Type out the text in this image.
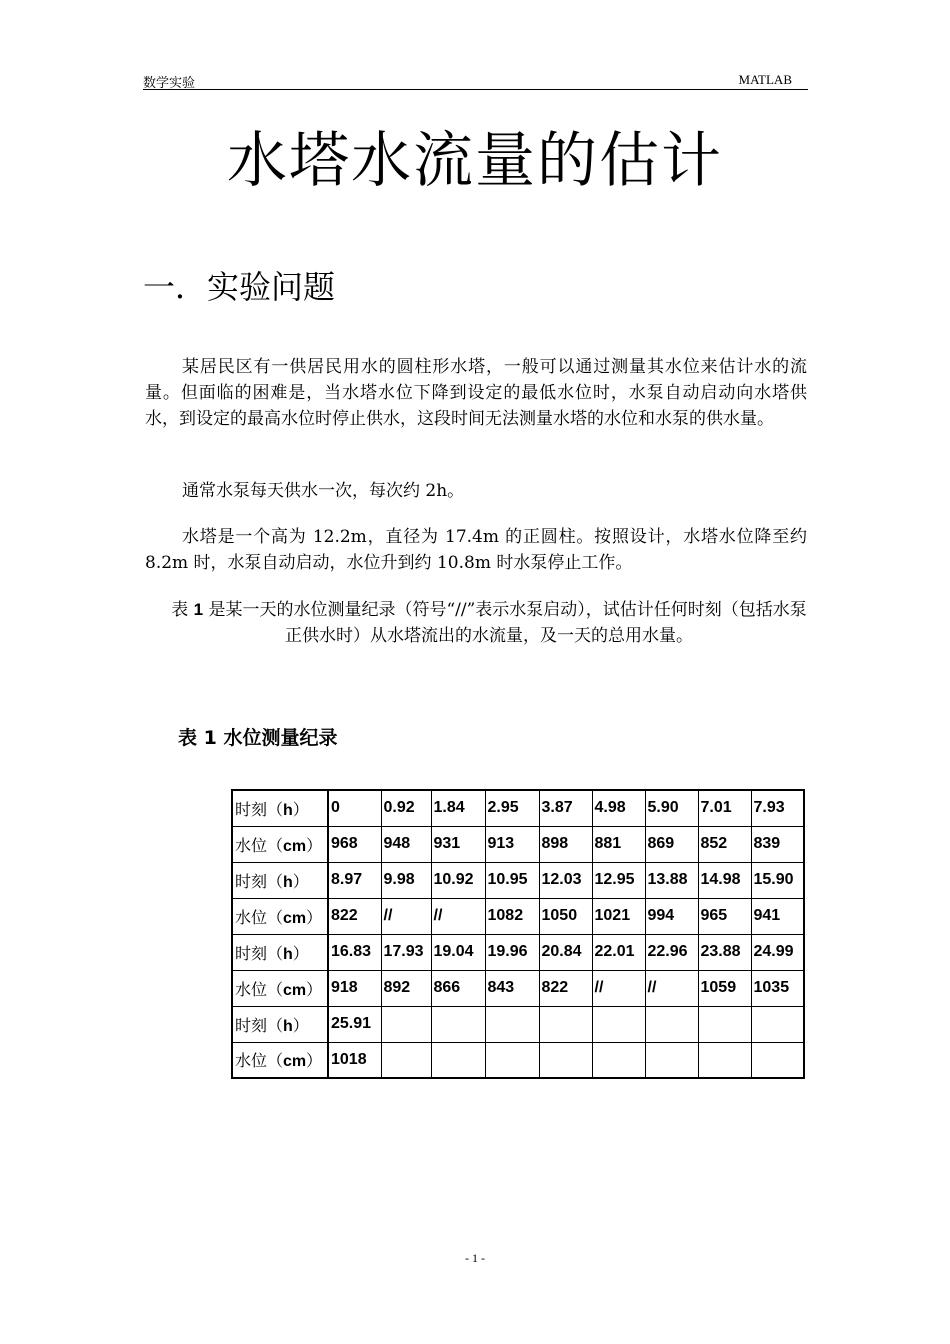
数学实验	MATLAB
水塔水流量的估计
一．实验问题
某居民区有一供居民用水的圆柱形水塔，一般可以通过测量其水位来估计水的流量。但面临的困难是，当水塔水位下降到设定的最低水位时，水泵自动启动向水塔供水，到设定的最高水位时停止供水，这段时间无法测量水塔的水位和水泵的供水量。
通常水泵每天供水一次，每次约 2h。
水塔是一个高为 12.2m，直径为 17.4m 的正圆柱。按照设计，水塔水位降至约 8.2m 时，水泵自动启动，水位升到约 10.8m 时水泵停止工作。
表 1 是某一天的水位测量纪录（符号“//”表示水泵启动），试估计任何时刻（包括水泵正供水时）从水塔流出的水流量，及一天的总用水量。
表 1 水位测量纪录
时刻（h）	0	0.92	1.84	2.95	3.87	4.98	5.90	7.01	7.93
水位（cm）	968	948	931	913	898	881	869	852	839
时刻（h）	8.97	9.98	10.92	10.95	12.03	12.95	13.88	14.98	15.90
水位（cm）	822	//	//	1082	1050	1021	994	965	941
时刻（h）	16.83	17.93	19.04	19.96	20.84	22.01	22.96	23.88	24.99
水位（cm）	918	892	866	843	822	//	//	1059	1035
时刻（h）	25.91								
水位（cm）	1018								
- 1 -
